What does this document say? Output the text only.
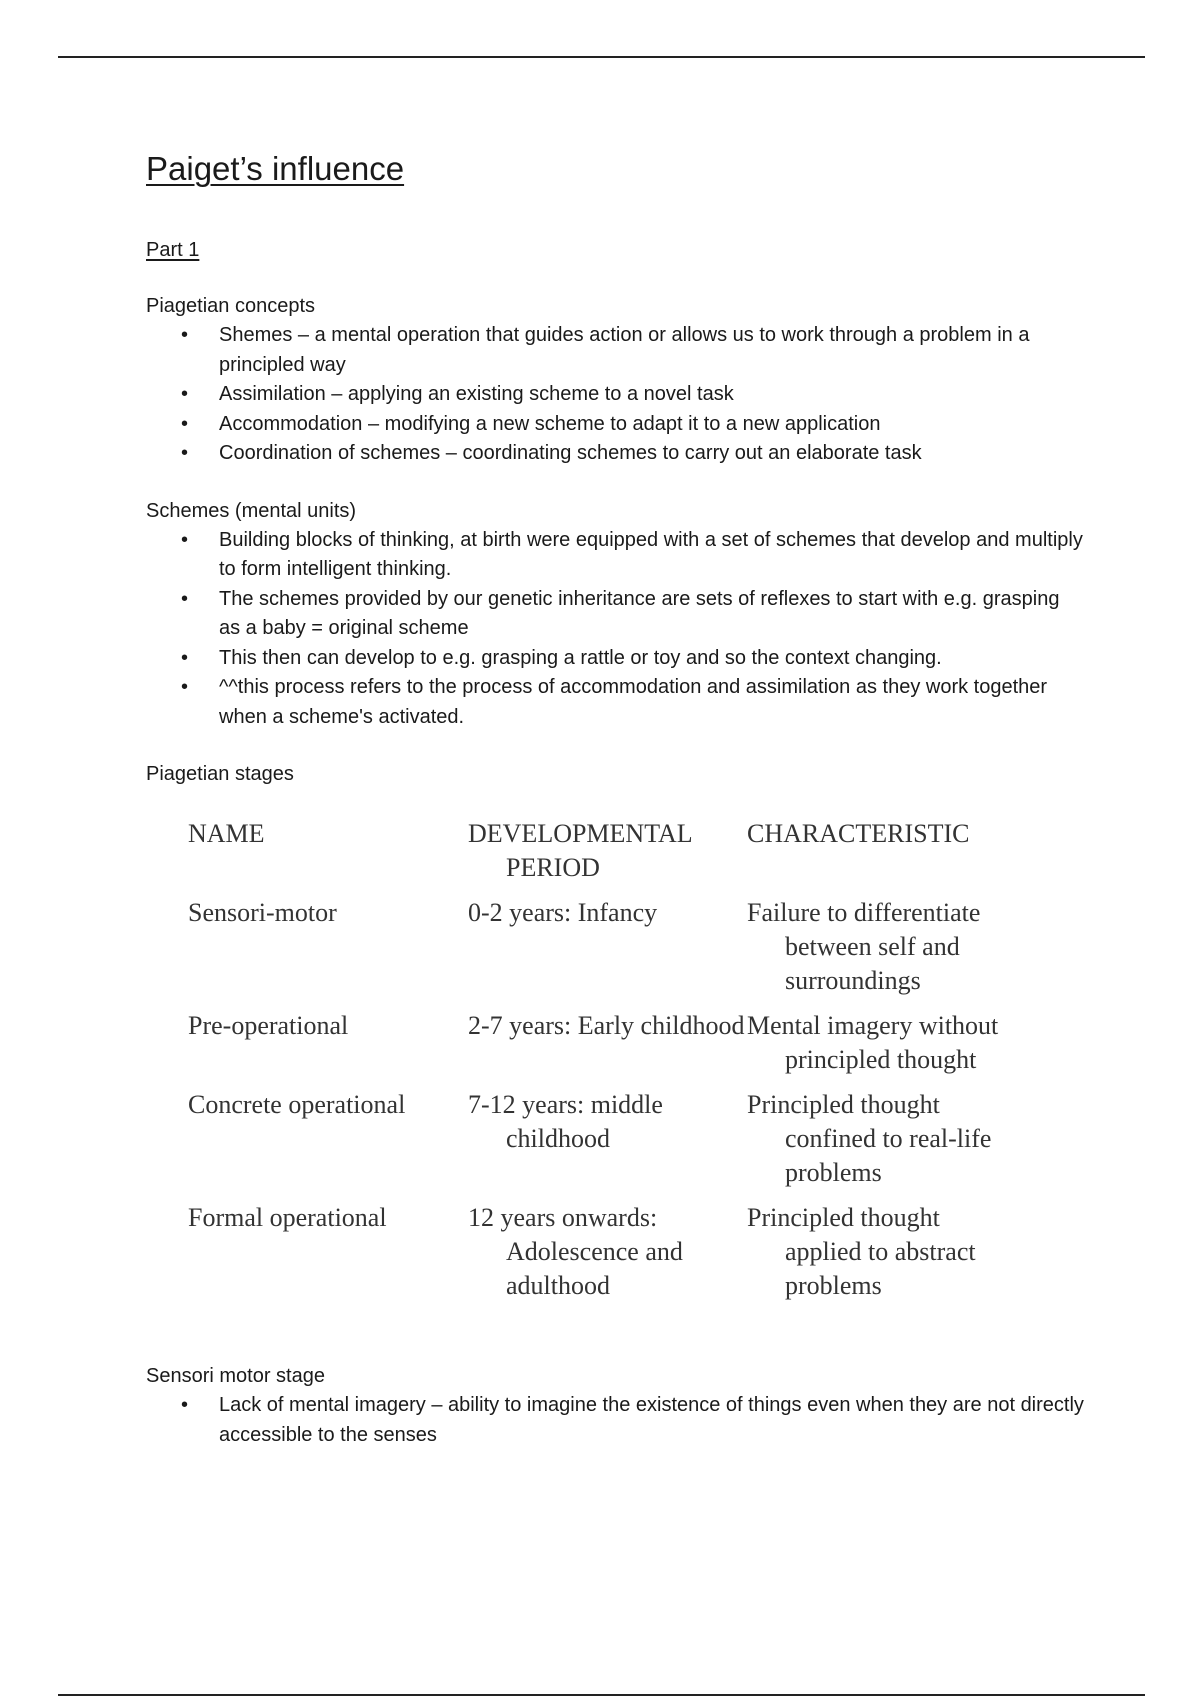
Paiget’s influence
Part 1
Piagetian concepts
• Shemes – a mental operation that guides action or allows us to work through a problem in a principled way
• Assimilation – applying an existing scheme to a novel task
• Accommodation – modifying a new scheme to adapt it to a new application
• Coordination of schemes – coordinating schemes to carry out an elaborate task
Schemes (mental units)
• Building blocks of thinking, at birth were equipped with a set of schemes that develop and multiply to form intelligent thinking.
• The schemes provided by our genetic inheritance are sets of reflexes to start with e.g. grasping as a baby = original scheme
• This then can develop to e.g. grasping a rattle or toy and so the context changing.
• ^^this process refers to the process of accommodation and assimilation as they work together when a scheme's activated.
Piagetian stages
NAME	DEVELOPMENTAL PERIOD	CHARACTERISTIC

Sensori-motor	0-2 years: Infancy	Failure to differentiate between self and surroundings

Pre-operational	2-7 years: Early childhood	Mental imagery without principled thought

Concrete operational	7-12 years: middle childhood	Principled thought confined to real-life problems

Formal operational	12 years onwards: Adolescence and adulthood	Principled thought applied to abstract problems
Sensori motor stage
• Lack of mental imagery – ability to imagine the existence of things even when they are not directly accessible to the senses
